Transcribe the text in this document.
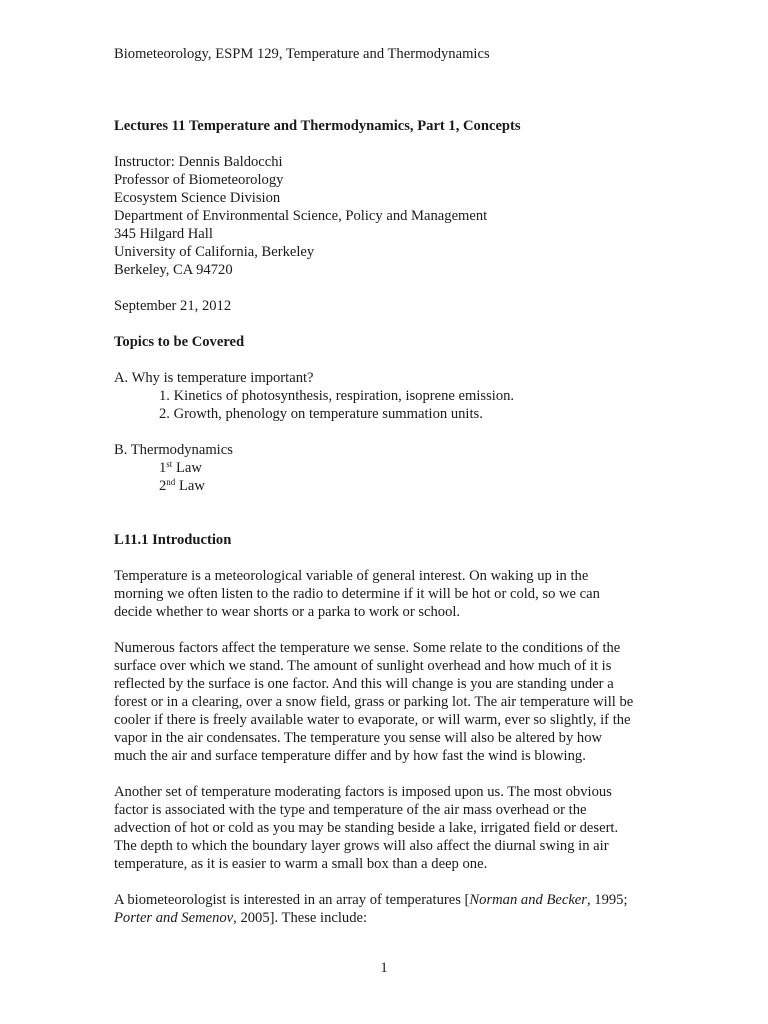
Biometeorology, ESPM 129, Temperature and Thermodynamics
Lectures 11 Temperature and Thermodynamics, Part 1, Concepts
Instructor: Dennis Baldocchi
Professor of Biometeorology
Ecosystem Science Division
Department of Environmental Science, Policy and Management
345 Hilgard Hall
University of California, Berkeley
Berkeley, CA 94720
September 21, 2012
Topics to be Covered
A. Why is temperature important?
1. Kinetics of photosynthesis, respiration, isoprene emission.
2. Growth, phenology on temperature summation units.
B. Thermodynamics
1st Law
2nd Law
L11.1 Introduction
Temperature is a meteorological variable of general interest. On waking up in the
morning we often listen to the radio to determine if it will be hot or cold, so we can
decide whether to wear shorts or a parka to work or school.
Numerous factors affect the temperature we sense. Some relate to the conditions of the
surface over which we stand. The amount of sunlight overhead and how much of it is
reflected by the surface is one factor. And this will change is you are standing under a
forest or in a clearing, over a snow field, grass or parking lot. The air temperature will be
cooler if there is freely available water to evaporate, or will warm, ever so slightly, if the
vapor in the air condensates. The temperature you sense will also be altered by how
much the air and surface temperature differ and by how fast the wind is blowing.
Another set of temperature moderating factors is imposed upon us. The most obvious
factor is associated with the type and temperature of the air mass overhead or the
advection of hot or cold as you may be standing beside a lake, irrigated field or desert.
The depth to which the boundary layer grows will also affect the diurnal swing in air
temperature, as it is easier to warm a small box than a deep one.
A biometeorologist is interested in an array of temperatures [Norman and Becker, 1995;
Porter and Semenov, 2005]. These include:
1
